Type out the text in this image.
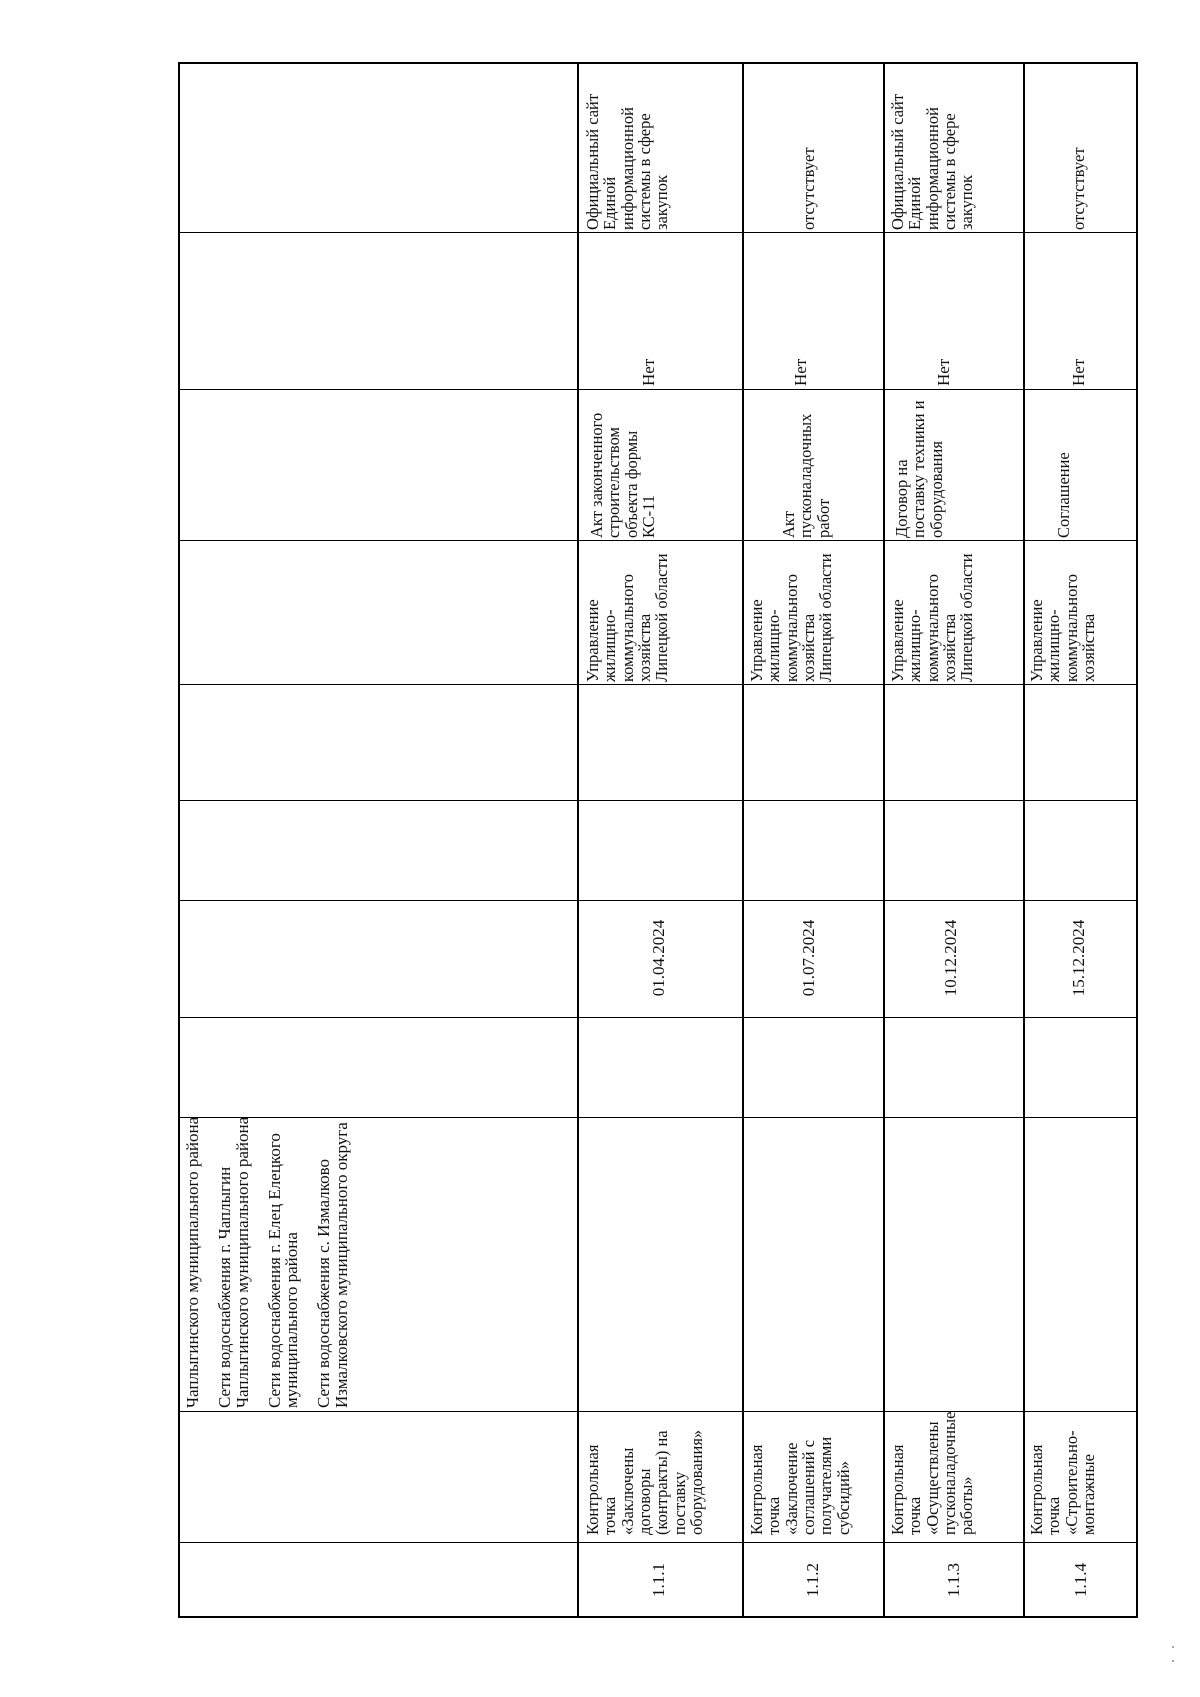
Чаплыгинского муниципального района Сети водоснабжения г. Чаплыгин Чаплыгинского муниципального района Сети водоснабжения г. Елец Елецкого муниципального района Сети водоснабжения с. Измалково Измалковского муниципального округа

1.1.1
Контрольная точка «Заключены договоры (контракты) на поставку оборудования»
01.04.2024
Управление жилищно-коммунального хозяйства Липецкой области
Акт законченного строительством объекта формы КС-11
Нет
Официальный сайт Единой информационной системы в сфере закупок
1.1.2
Контрольная точка «Заключение соглашений с получателями субсидий»
01.07.2024
Управление жилищно-коммунального хозяйства Липецкой области
Акт пусконаладочных работ
Нет
отсутствует
1.1.3
Контрольная точка «Осуществлены пусконаладочные работы»
10.12.2024
Управление жилищно-коммунального хозяйства Липецкой области
Договор на поставку техники и оборудования
Нет
Официальный сайт Единой информационной системы в сфере закупок
1.1.4
Контрольная точка «Строительно-монтажные
15.12.2024
Управление жилищно-коммунального хозяйства
Соглашение
Нет
отсутствует
